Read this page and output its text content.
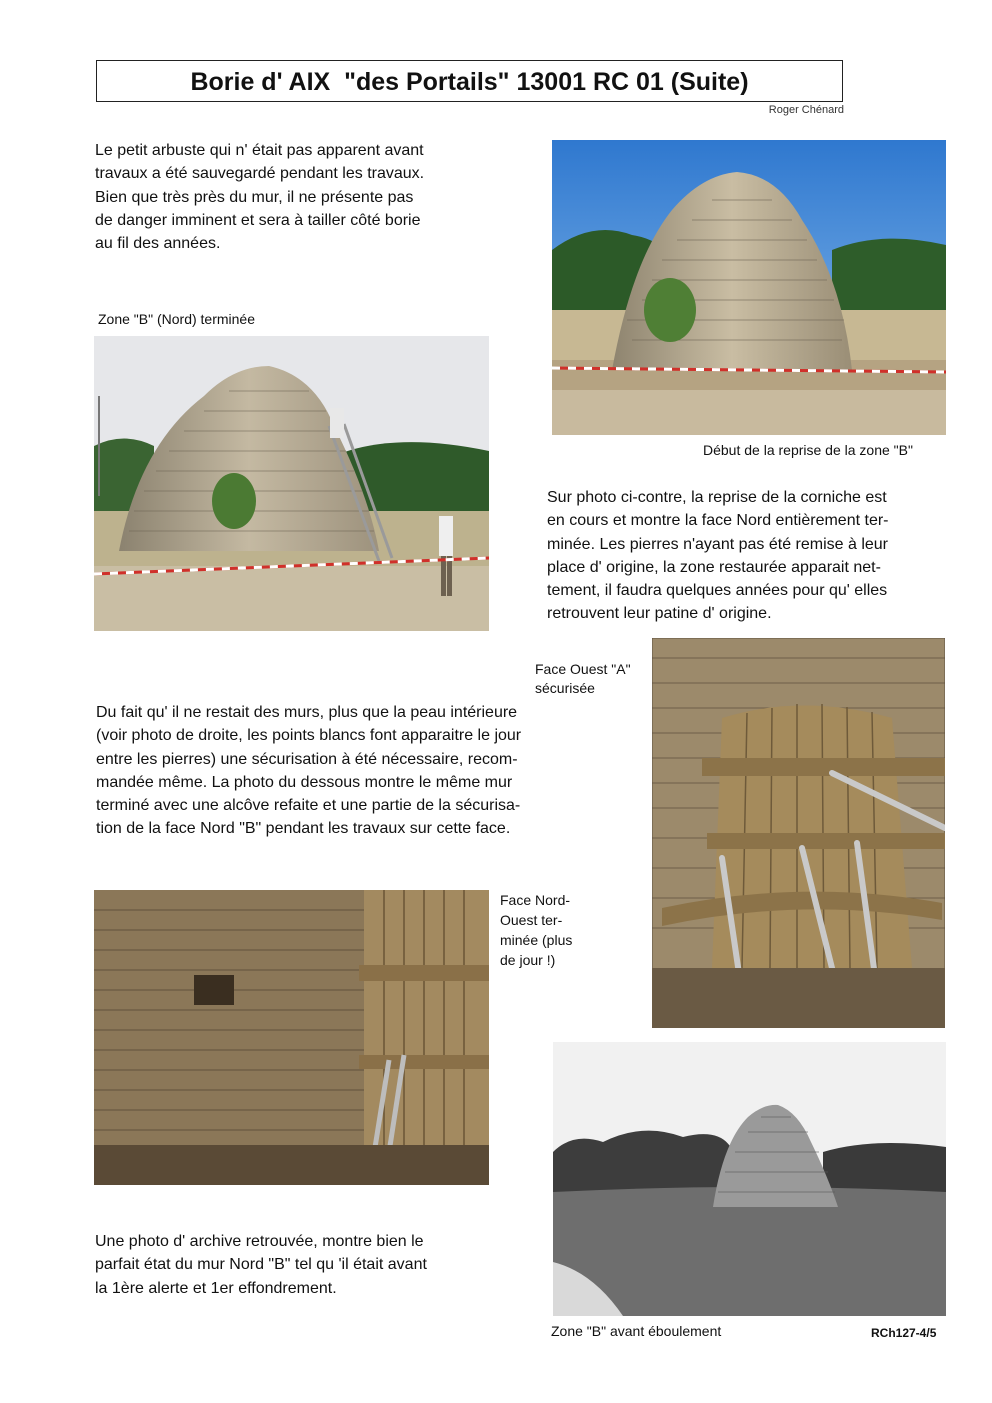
Borie d' AIX  "des Portails" 13001 RC 01 (Suite)
Roger Chénard
Le petit arbuste qui n' était pas apparent avant
travaux a été sauvegardé pendant les travaux.
Bien que très près du mur, il ne présente pas
de danger imminent et sera à tailler côté borie
au fil des années.
Début de la reprise de la zone "B"
Zone "B" (Nord) terminée
Sur photo ci-contre, la reprise de la corniche est
en cours et montre la face Nord entièrement ter-
minée. Les pierres n'ayant pas été remise à leur
place d' origine, la zone restaurée apparait net-
tement, il faudra quelques années pour qu' elles
retrouvent leur patine d' origine.
Face Ouest "A"
sécurisée
Du fait qu' il ne restait des murs, plus que la peau intérieure
(voir photo de droite, les points blancs font apparaitre le jour
entre les pierres) une sécurisation à été nécessaire, recom-
mandée même. La photo du dessous montre le même mur
terminé avec une alcôve refaite et une partie de la sécurisa-
tion de la face Nord "B" pendant les travaux sur cette face.
Face Nord-
Ouest ter-
minée (plus
de jour !)
Une photo d' archive retrouvée, montre bien le
parfait état du mur Nord "B" tel qu 'il était avant
la 1ère alerte et 1er effondrement.
Zone "B" avant éboulement	RCh127-4/5
